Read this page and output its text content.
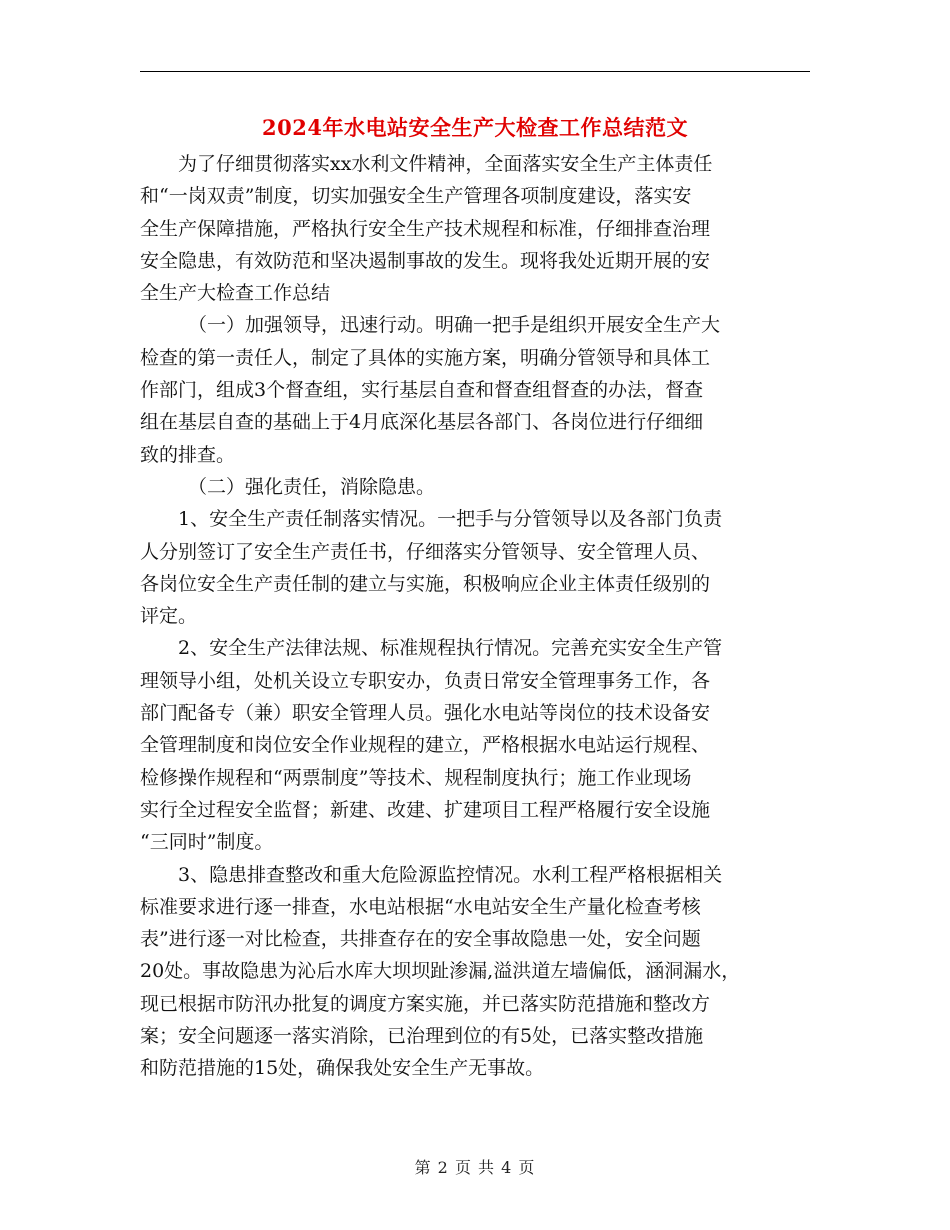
2024年水电站安全生产大检查工作总结范文
为了仔细贯彻落实xx水利文件精神，全面落实安全生产主体责任
和“一岗双责”制度，切实加强安全生产管理各项制度建设，落实安
全生产保障措施，严格执行安全生产技术规程和标准，仔细排查治理
安全隐患，有效防范和坚决遏制事故的发生。现将我处近期开展的安
全生产大检查工作总结
（一）加强领导，迅速行动。明确一把手是组织开展安全生产大
检查的第一责任人，制定了具体的实施方案，明确分管领导和具体工
作部门，组成3个督查组，实行基层自查和督查组督查的办法，督查
组在基层自查的基础上于4月底深化基层各部门、各岗位进行仔细细
致的排查。
（二）强化责任，消除隐患。
1、安全生产责任制落实情况。一把手与分管领导以及各部门负责
人分别签订了安全生产责任书，仔细落实分管领导、安全管理人员、
各岗位安全生产责任制的建立与实施，积极响应企业主体责任级别的
评定。
2、安全生产法律法规、标准规程执行情况。完善充实安全生产管
理领导小组，处机关设立专职安办，负责日常安全管理事务工作，各
部门配备专（兼）职安全管理人员。强化水电站等岗位的技术设备安
全管理制度和岗位安全作业规程的建立，严格根据水电站运行规程、
检修操作规程和“两票制度”等技术、规程制度执行；施工作业现场
实行全过程安全监督；新建、改建、扩建项目工程严格履行安全设施
“三同时”制度。
3、隐患排查整改和重大危险源监控情况。水利工程严格根据相关
标准要求进行逐一排查，水电站根据“水电站安全生产量化检查考核
表”进行逐一对比检查，共排查存在的安全事故隐患一处，安全问题
20处。事故隐患为沁后水库大坝坝趾渗漏,溢洪道左墙偏低，涵洞漏水，
现已根据市防汛办批复的调度方案实施，并已落实防范措施和整改方
案；安全问题逐一落实消除，已治理到位的有5处，已落实整改措施
和防范措施的15处，确保我处安全生产无事故。
第 2 页 共 4 页
